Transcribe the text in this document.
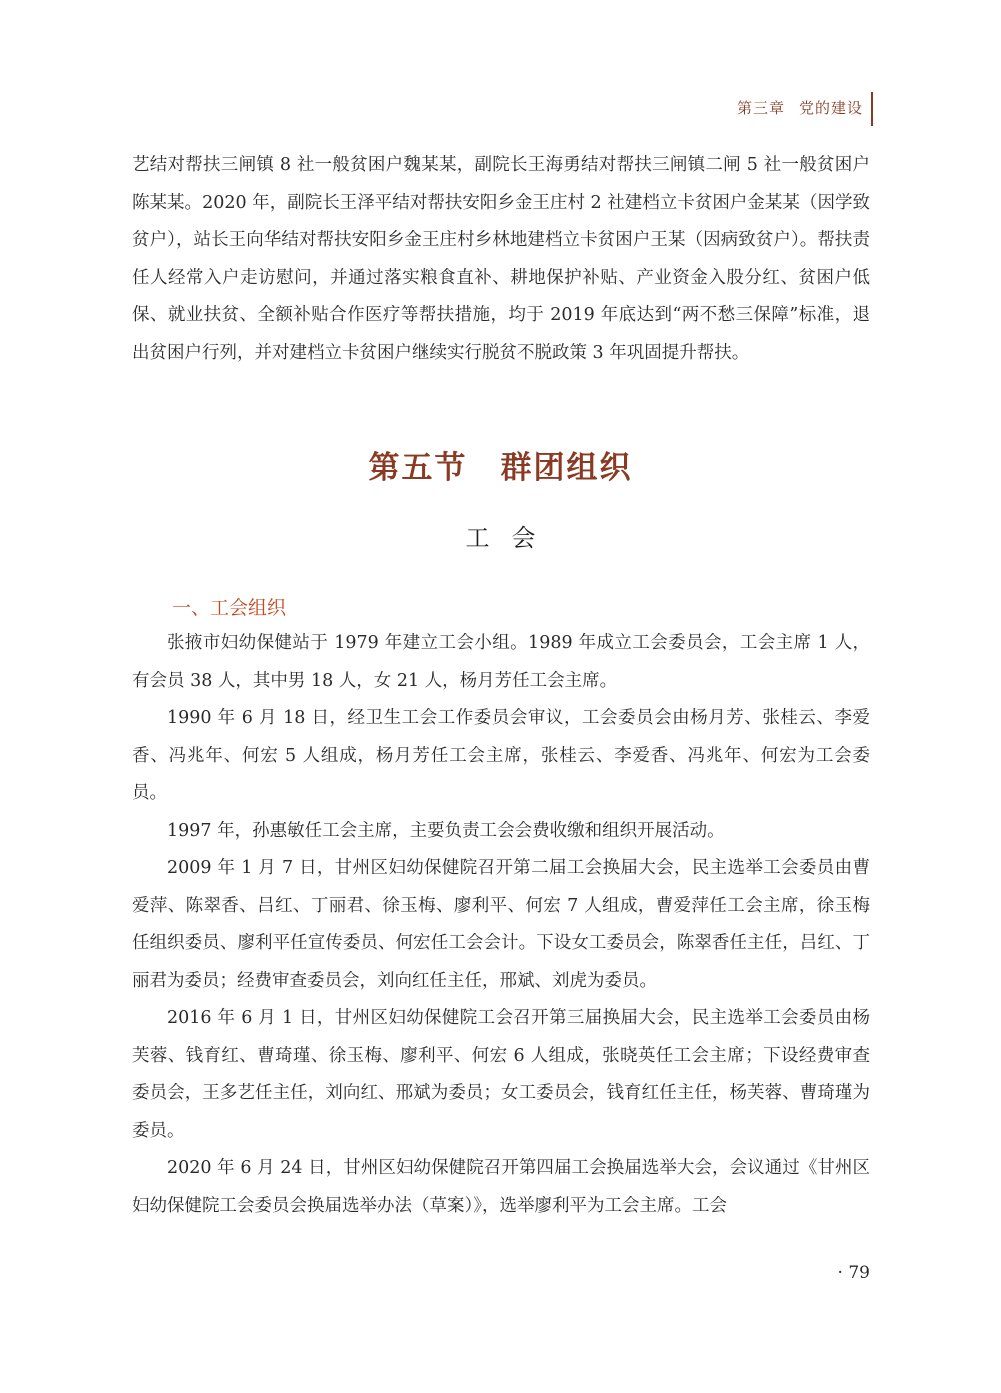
第三章 党的建设

艺结对帮扶三闸镇 8 社一般贫困户魏某某，副院长王海勇结对帮扶三闸镇二闸 5 社一般贫困户陈某某。2020 年，副院长王泽平结对帮扶安阳乡金王庄村 2 社建档立卡贫困户金某某（因学致贫户），站长王向华结对帮扶安阳乡金王庄村乡林地建档立卡贫困户王某（因病致贫户）。帮扶责任人经常入户走访慰问，并通过落实粮食直补、耕地保护补贴、产业资金入股分红、贫困户低保、就业扶贫、全额补贴合作医疗等帮扶措施，均于 2019 年底达到“两不愁三保障”标准，退出贫困户行列，并对建档立卡贫困户继续实行脱贫不脱政策 3 年巩固提升帮扶。

第五节　群团组织
工会
一、工会组织

张掖市妇幼保健站于 1979 年建立工会小组。1989 年成立工会委员会，工会主席 1 人，有会员 38 人，其中男 18 人，女 21 人，杨月芳任工会主席。

1990 年 6 月 18 日，经卫生工会工作委员会审议，工会委员会由杨月芳、张桂云、李爱香、冯兆年、何宏 5 人组成，杨月芳任工会主席，张桂云、李爱香、冯兆年、何宏为工会委员。

1997 年，孙惠敏任工会主席，主要负责工会会费收缴和组织开展活动。

2009 年 1 月 7 日，甘州区妇幼保健院召开第二届工会换届大会，民主选举工会委员由曹爱萍、陈翠香、吕红、丁丽君、徐玉梅、廖利平、何宏 7 人组成，曹爱萍任工会主席，徐玉梅任组织委员、廖利平任宣传委员、何宏任工会会计。下设女工委员会，陈翠香任主任，吕红、丁丽君为委员；经费审查委员会，刘向红任主任，邢斌、刘虎为委员。

2016 年 6 月 1 日，甘州区妇幼保健院工会召开第三届换届大会，民主选举工会委员由杨芙蓉、钱育红、曹琦瑾、徐玉梅、廖利平、何宏 6 人组成，张晓英任工会主席；下设经费审查委员会，王多艺任主任，刘向红、邢斌为委员；女工委员会，钱育红任主任，杨芙蓉、曹琦瑾为委员。

2020 年 6 月 24 日，甘州区妇幼保健院召开第四届工会换届选举大会，会议通过《甘州区妇幼保健院工会委员会换届选举办法（草案）》，选举廖利平为工会主席。工会

· 79
